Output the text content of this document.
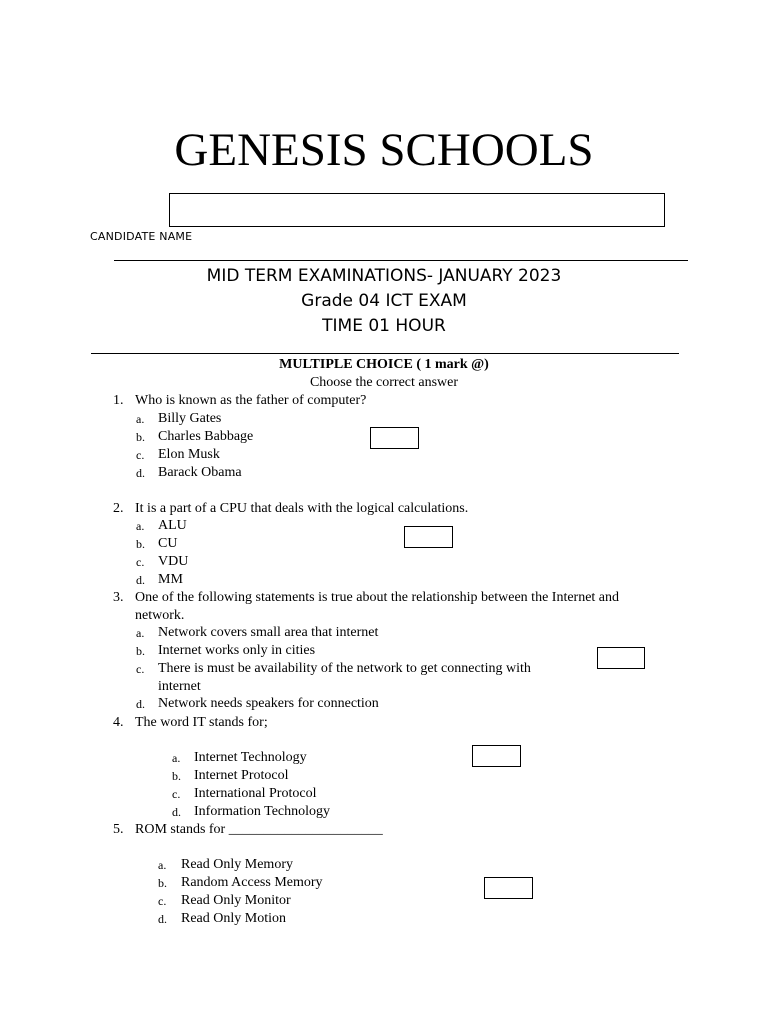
GENESIS SCHOOLS
CANDIDATE NAME
MID TERM EXAMINATIONS- JANUARY 2023
Grade 04 ICT EXAM
TIME 01 HOUR
MULTIPLE CHOICE ( 1 mark @)
Choose the correct answer
1. Who is known as the father of computer?
a. Billy Gates
b. Charles Babbage
c. Elon Musk
d. Barack Obama
2. It is a part of a CPU that deals with the logical calculations.
a. ALU
b. CU
c. VDU
d. MM
3. One of the following statements is true about the relationship between the Internet and
network.
a. Network covers small area that internet
b. Internet works only in cities
c. There is must be availability of the network to get connecting with
internet
d. Network needs speakers for connection
4. The word IT stands for;
a. Internet Technology
b. Internet Protocol
c. International Protocol
d. Information Technology
5. ROM stands for ______________________
a. Read Only Memory
b. Random Access Memory
c. Read Only Monitor
d. Read Only Motion
